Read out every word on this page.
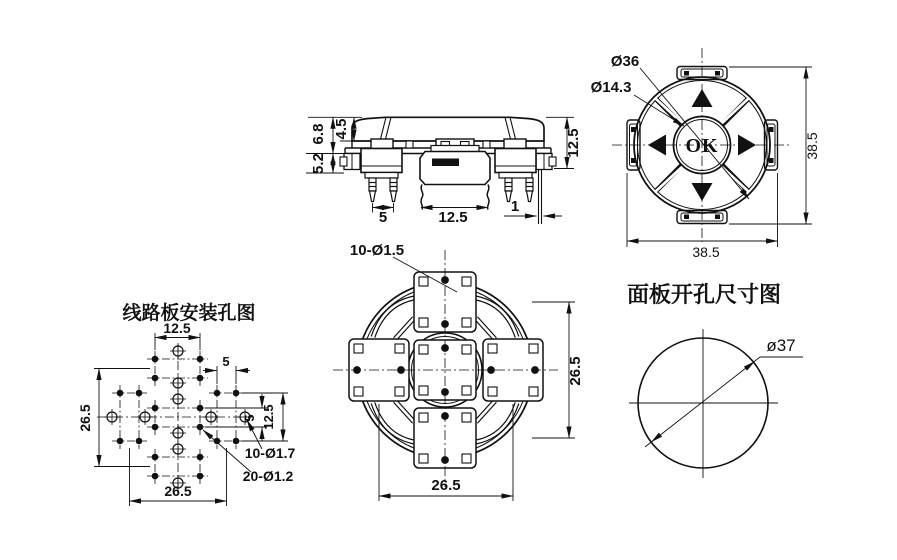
6.8 4.5
5.2
12.5
5	12.5
1
Ø36
Ø14.3
OK	38.5
38.5
10-Ø1.5
26.5
26.5
线路板安装孔图
12.5
26.5
26.5
5
5 12.5
10-Ø1.7
20-Ø1.2
面板开孔尺寸图
ø37
